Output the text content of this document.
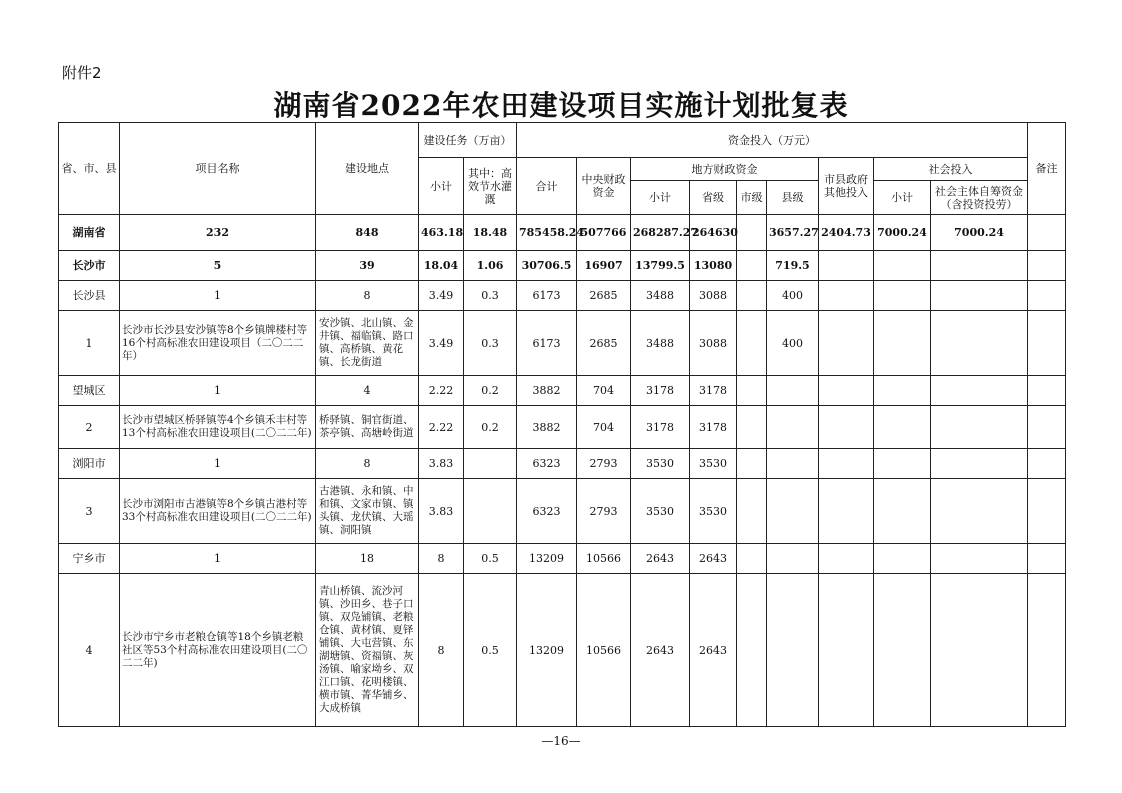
附件2
湖南省2022年农田建设项目实施计划批复表
省、市、县	项目名称	建设地点	建设任务（万亩）		资金投入（万元）									备注
			小计	其中：高效节水灌溉	合计	中央财政资金	地方财政资金				市县政府其他投入	社会投入		
							小计	省级	市级	县级		小计	社会主体自筹资金（含投资投劳）	
湖南省	232	848	463.18	18.48	785458.24	507766	268287.27	264630		3657.27	2404.73	7000.24	7000.24	
长沙市	5	39	18.04	1.06	30706.5	16907	13799.5	13080		719.5				
长沙县	1	8	3.49	0.3	6173	2685	3488	3088		400				
1	长沙市长沙县安沙镇等8个乡镇牌楼村等16个村高标准农田建设项目（二〇二二年）	安沙镇、北山镇、金井镇、福临镇、路口镇、高桥镇、黄花镇、长龙街道	3.49	0.3	6173	2685	3488	3088		400				
望城区	1	4	2.22	0.2	3882	704	3178	3178						
2	长沙市望城区桥驿镇等4个乡镇禾丰村等13个村高标准农田建设项目(二〇二二年)	桥驿镇、铜官街道、茶亭镇、高塘岭街道	2.22	0.2	3882	704	3178	3178						
浏阳市	1	8	3.83		6323	2793	3530	3530						
3	长沙市浏阳市古港镇等8个乡镇古港村等33个村高标准农田建设项目(二〇二二年)	古港镇、永和镇、中和镇、文家市镇、镇头镇、龙伏镇、大瑶镇、洞阳镇	3.83		6323	2793	3530	3530						
宁乡市	1	18	8	0.5	13209	10566	2643	2643						
4	长沙市宁乡市老粮仓镇等18个乡镇老粮社区等53个村高标准农田建设项目(二〇二二年)	青山桥镇、流沙河镇、沙田乡、巷子口镇、双凫铺镇、老粮仓镇、黄材镇、夏铎铺镇、大屯营镇、东湖塘镇、资福镇、灰汤镇、喻家坳乡、双江口镇、花明楼镇、横市镇、菁华铺乡、大成桥镇	8	0.5	13209	10566	2643	2643						
—16—
